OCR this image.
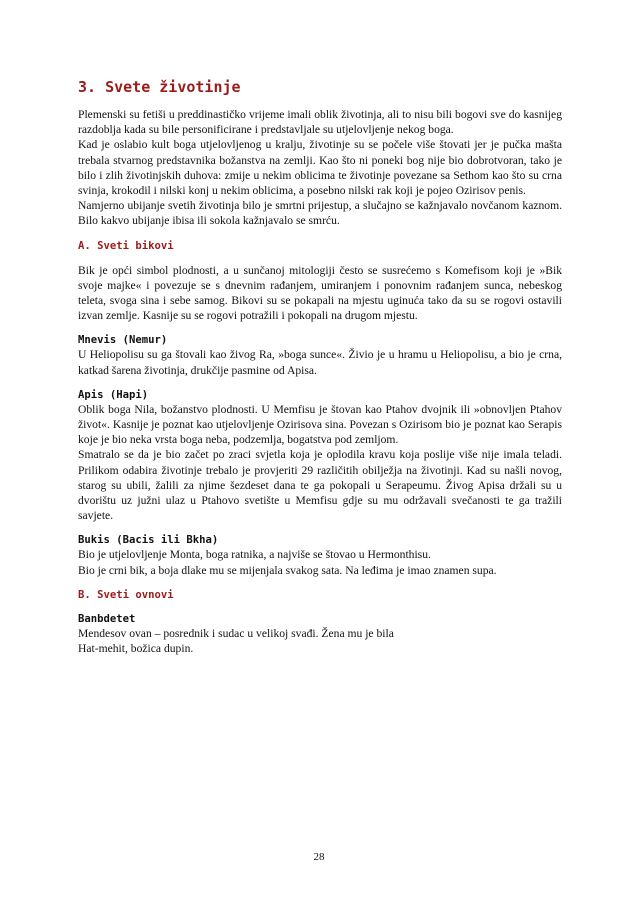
3. Svete životinje

Plemenski su fetiši u preddinastičko vrijeme imali oblik životinja, ali to nisu bili bogovi sve do kasnijeg razdoblja kada su bile personificirane i predstavljale su utjelovljenje nekog boga.

Kad je oslabio kult boga utjelovljenog u kralju, životinje su se počele više štovati jer je pučka mašta trebala stvarnog predstavnika božanstva na zemlji. Kao što ni poneki bog nije bio dobrotvoran, tako je bilo i zlih životinjskih duhova: zmije u nekim oblicima te životinje povezane sa Sethom kao što su crna svinja, krokodil i nilski konj u nekim oblicima, a posebno nilski rak koji je pojeo Ozirisov penis.

Namjerno ubijanje svetih životinja bilo je smrtni prijestup, a slučajno se kažnjavalo novčanom kaznom. Bilo kakvo ubijanje ibisa ili sokola kažnjavalo se smrću.

A. Sveti bikovi

Bik je opći simbol plodnosti, a u sunčanoj mitologiji često se susrećemo s Komefisom koji je »Bik svoje majke« i povezuje se s dnevnim rađanjem, umiranjem i ponovnim rađanjem sunca, nebeskog teleta, svoga sina i sebe samog. Bikovi su se pokapali na mjestu uginuća tako da su se rogovi ostavili izvan zemlje. Kasnije su se rogovi potražili i pokopali na drugom mjestu.

Mnevis (Nemur)

U Heliopolisu su ga štovali kao živog Ra, »boga sunce«. Živio je u hramu u Heliopolisu, a bio je crna, katkad šarena životinja, drukčije pasmine od Apisa.

Apis (Hapi)

Oblik boga Nila, božanstvo plodnosti. U Memfisu je štovan kao Ptahov dvojnik ili »obnovljen Ptahov život«. Kasnije je poznat kao utjelovljenje Ozirisova sina. Povezan s Ozirisom bio je poznat kao Serapis koje je bio neka vrsta boga neba, podzemlja, bogatstva pod zemljom.

Smatralo se da je bio začet po zraci svjetla koja je oplodila kravu koja poslije više nije imala teladi. Prilikom odabira životinje trebalo je provjeriti 29 različitih obilježja na životinji. Kad su našli novog, starog su ubili, žalili za njime šezdeset dana te ga pokopali u Serapeumu. Živog Apisa držali su u dvorištu uz južni ulaz u Ptahovo svetište u Memfisu gdje su mu održavali svečanosti te ga tražili savjete.

Bukis (Bacis ili Bkha)

Bio je utjelovljenje Monta, boga ratnika, a najviše se štovao u Hermonthisu.

Bio je crni bik, a boja dlake mu se mijenjala svakog sata. Na leđima je imao znamen supa.

B. Sveti ovnovi
Banbdetet

Mendesov ovan – posrednik i sudac u velikoj svađi. Žena mu je bila

Hat-mehit, božica dupin.

28
